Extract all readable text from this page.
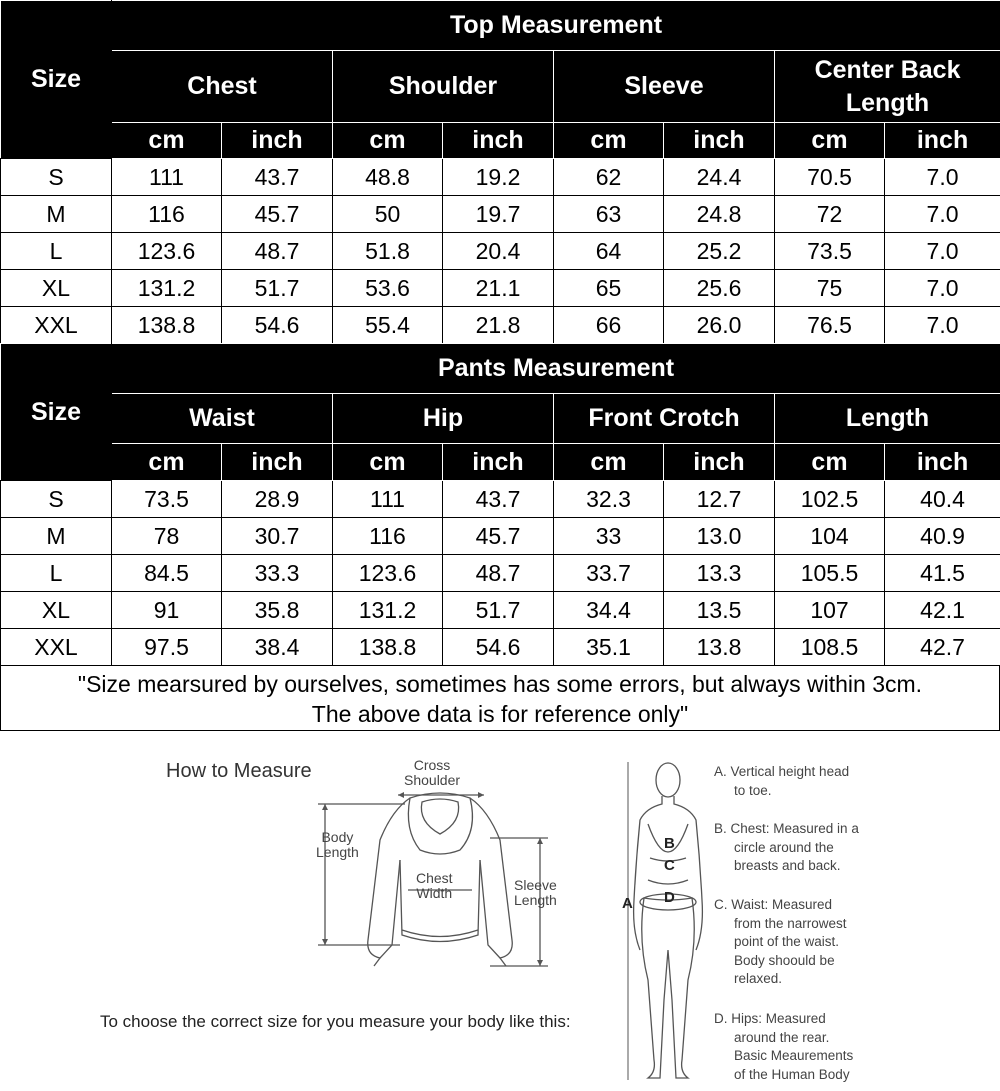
Size	Top Measurement							
	Chest		Shoulder		Sleeve		Center Back Length	
	cm	inch	cm	inch	cm	inch	cm	inch
S	111	43.7	48.8	19.2	62	24.4	70.5	7.0
M	116	45.7	50	19.7	63	24.8	72	7.0
L	123.6	48.7	51.8	20.4	64	25.2	73.5	7.0
XL	131.2	51.7	53.6	21.1	65	25.6	75	7.0
XXL	138.8	54.6	55.4	21.8	66	26.0	76.5	7.0
Size	Pants Measurement							
	Waist		Hip		Front Crotch		Length	
	cm	inch	cm	inch	cm	inch	cm	inch
S	73.5	28.9	111	43.7	32.3	12.7	102.5	40.4
M	78	30.7	116	45.7	33	13.0	104	40.9
L	84.5	33.3	123.6	48.7	33.7	13.3	105.5	41.5
XL	91	35.8	131.2	51.7	34.4	13.5	107	42.1
XXL	97.5	38.4	138.8	54.6	35.1	13.8	108.5	42.7
"Size mearsured by ourselves, sometimes has some errors, but always within 3cm.
The above data is for reference only"
How to Measure	Cross
Shoulder
Body
Length
Chest
Width	Sleeve
Length	A
B
C
D
To choose the correct size for you measure your body like this:
A. Vertical height head
to toe.
B. Chest: Measured in a
circle around the
breasts and back.
C. Waist: Measured
from the narrowest
point of the waist.
Body shoould be
relaxed.
D. Hips: Measured
around the rear.
Basic Meaurements
of the Human Body
